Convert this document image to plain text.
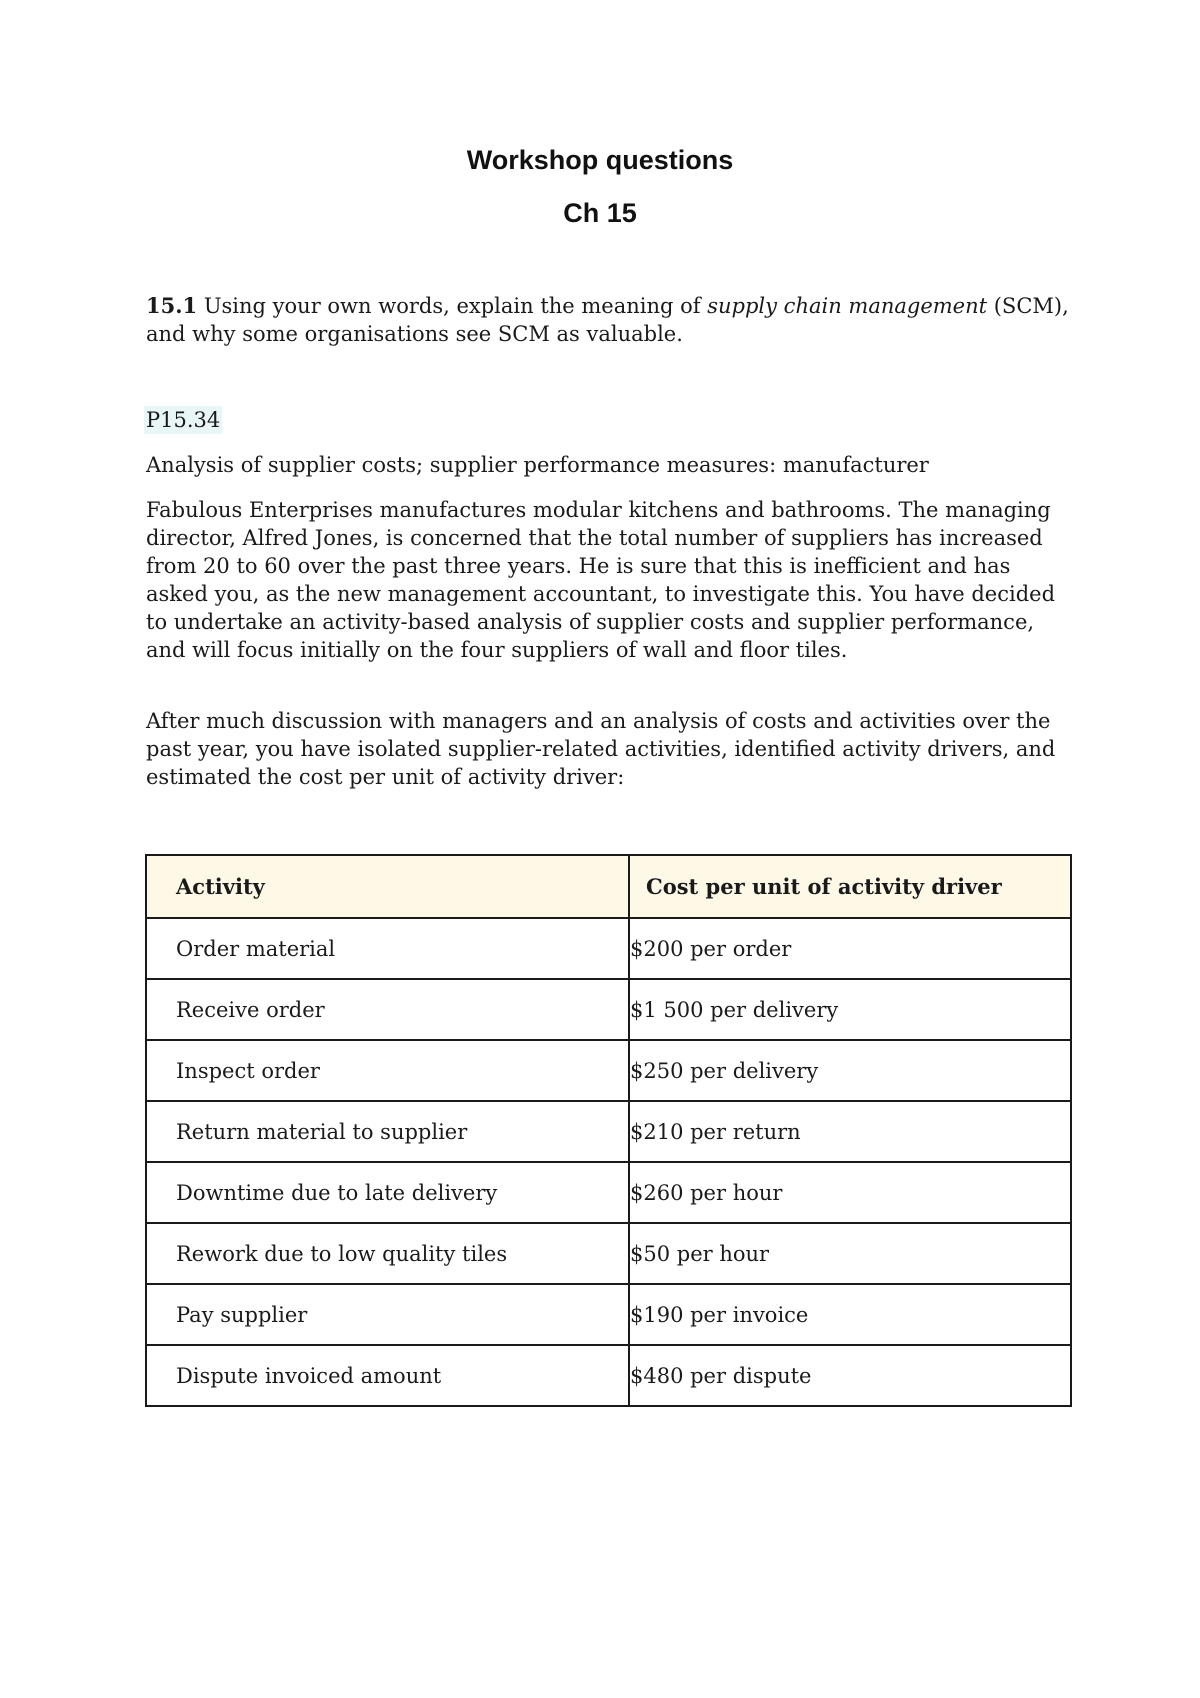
Workshop questions
Ch 15

15.1 Using your own words, explain the meaning of supply chain management (SCM), and why some organisations see SCM as valuable.

P15.34

Analysis of supplier costs; supplier performance measures: manufacturer

Fabulous Enterprises manufactures modular kitchens and bathrooms. The managing director, Alfred Jones, is concerned that the total number of suppliers has increased from 20 to 60 over the past three years. He is sure that this is inefficient and has asked you, as the new management accountant, to investigate this. You have decided to undertake an activity-based analysis of supplier costs and supplier performance, and will focus initially on the four suppliers of wall and floor tiles.

After much discussion with managers and an analysis of costs and activities over the past year, you have isolated supplier-related activities, identified activity drivers, and estimated the cost per unit of activity driver:

Activity	Cost per unit of activity driver
Order material	$200 per order
Receive order	$1 500 per delivery
Inspect order	$250 per delivery
Return material to supplier	$210 per return
Downtime due to late delivery	$260 per hour
Rework due to low quality tiles	$50 per hour
Pay supplier	$190 per invoice
Dispute invoiced amount	$480 per dispute
